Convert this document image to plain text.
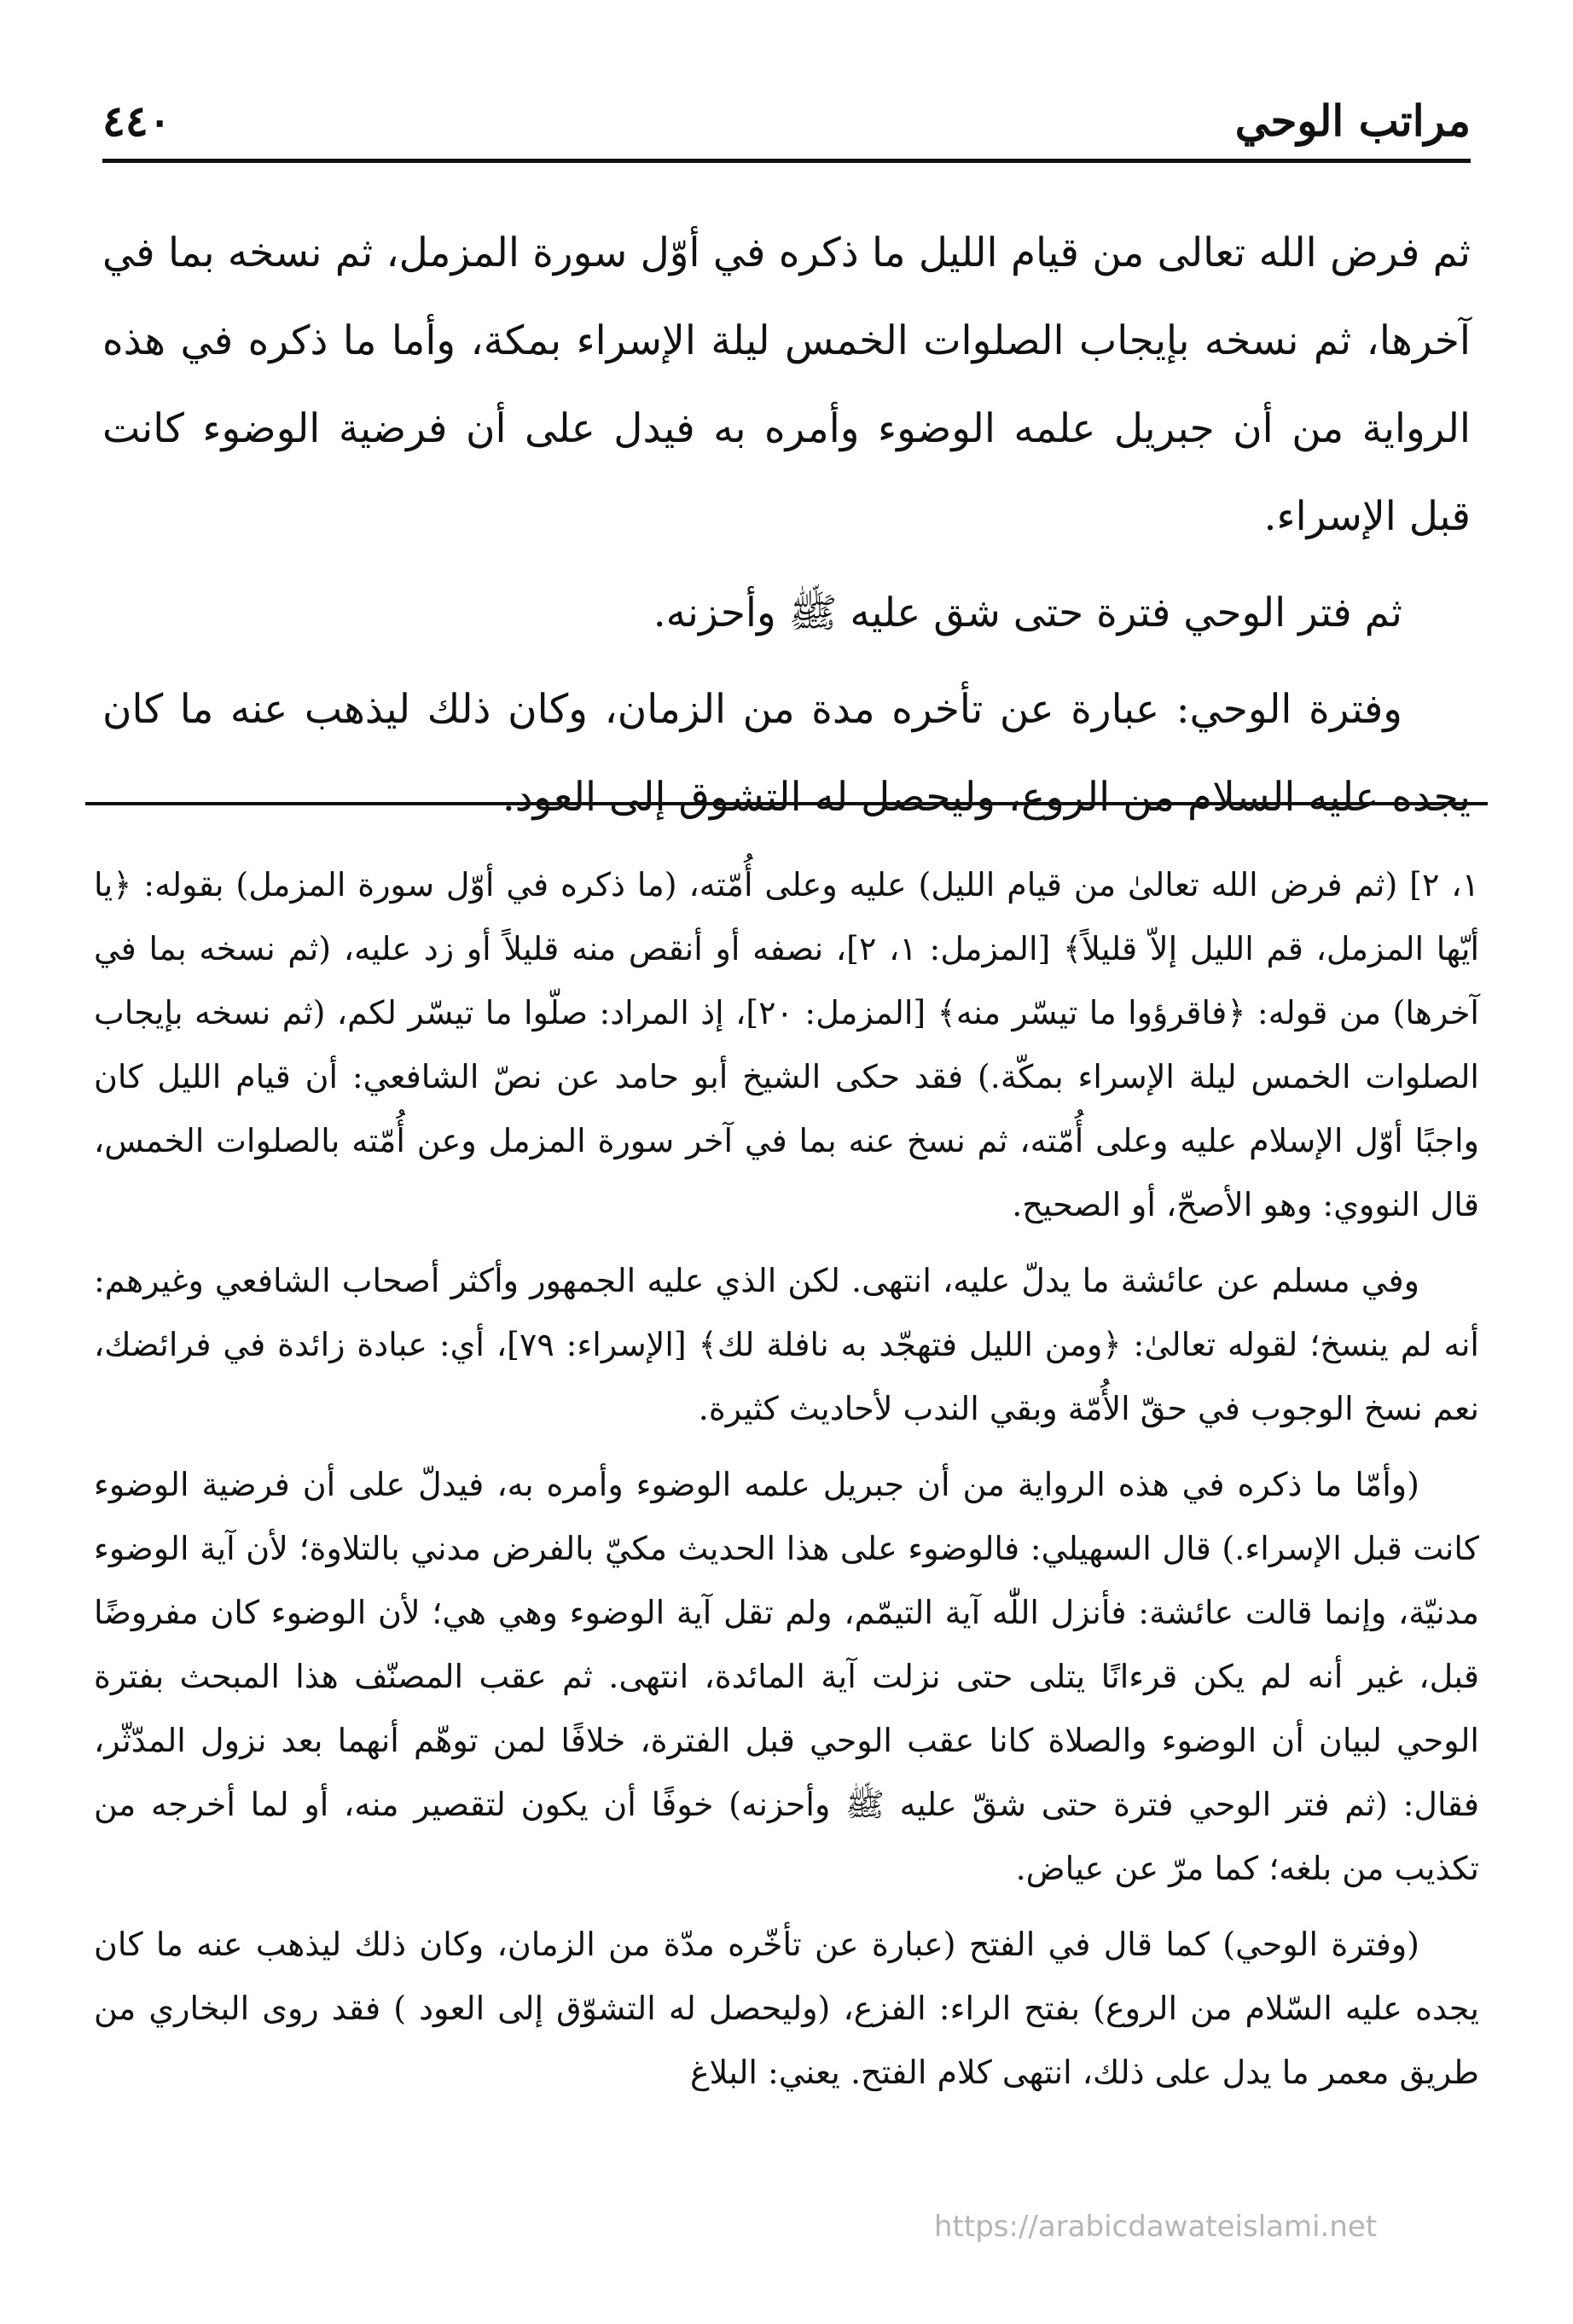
مراتب الوحي
٤٤٠

ثم فرض الله تعالى من قيام الليل ما ذكره في أوّل سورة المزمل، ثم نسخه بما في آخرها، ثم نسخه بإيجاب الصلوات الخمس ليلة الإسراء بمكة، وأما ما ذكره في هذه الرواية من أن جبريل علمه الوضوء وأمره به فيدل على أن فرضية الوضوء كانت قبل الإسراء.

ثم فتر الوحي فترة حتى شق عليه ﷺ وأحزنه.

وفترة الوحي: عبارة عن تأخره مدة من الزمان، وكان ذلك ليذهب عنه ما كان يجده عليه السلام من الروع، وليحصل له التشوق إلى العود.

١، ٢] (ثم فرض الله تعالىٰ من قيام الليل) عليه وعلى أُمّته، (ما ذكره في أوّل سورة المزمل) بقوله: ﴿يا أيّها المزمل، قم الليل إلاّ قليلاً﴾ [المزمل: ١، ٢]، نصفه أو أنقص منه قليلاً أو زد عليه، (ثم نسخه بما في آخرها) من قوله: ﴿فاقرؤوا ما تيسّر منه﴾ [المزمل: ٢٠]، إذ المراد: صلّوا ما تيسّر لكم، (ثم نسخه بإيجاب الصلوات الخمس ليلة الإسراء بمكّة.) فقد حكى الشيخ أبو حامد عن نصّ الشافعي: أن قيام الليل كان واجبًا أوّل الإسلام عليه وعلى أُمّته، ثم نسخ عنه بما في آخر سورة المزمل وعن أُمّته بالصلوات الخمس، قال النووي: وهو الأصحّ، أو الصحيح.

وفي مسلم عن عائشة ما يدلّ عليه، انتهى. لكن الذي عليه الجمهور وأكثر أصحاب الشافعي وغيرهم: أنه لم ينسخ؛ لقوله تعالىٰ: ﴿ومن الليل فتهجّد به نافلة لك﴾ [الإسراء: ٧٩]، أي: عبادة زائدة في فرائضك، نعم نسخ الوجوب في حقّ الأُمّة وبقي الندب لأحاديث كثيرة.

(وأمّا ما ذكره في هذه الرواية من أن جبريل علمه الوضوء وأمره به، فيدلّ على أن فرضية الوضوء كانت قبل الإسراء.) قال السهيلي: فالوضوء على هذا الحديث مكيّ بالفرض مدني بالتلاوة؛ لأن آية الوضوء مدنيّة، وإنما قالت عائشة: فأنزل اللّٰه آية التيمّم، ولم تقل آية الوضوء وهي هي؛ لأن الوضوء كان مفروضًا قبل، غير أنه لم يكن قرءانًا يتلى حتى نزلت آية المائدة، انتهى. ثم عقب المصنّف هذا المبحث بفترة الوحي لبيان أن الوضوء والصلاة كانا عقب الوحي قبل الفترة، خلافًا لمن توهّم أنهما بعد نزول المدّثّر، فقال: (ثم فتر الوحي فترة حتى شقّ عليه ﷺ وأحزنه) خوفًا أن يكون لتقصير منه، أو لما أخرجه من تكذيب من بلغه؛ كما مرّ عن عياض.

(وفترة الوحي) كما قال في الفتح (عبارة عن تأخّره مدّة من الزمان، وكان ذلك ليذهب عنه ما كان يجده عليه السّلام من الروع) بفتح الراء: الفزع، (وليحصل له التشوّق إلى العود ) فقد روى البخاري من طريق معمر ما يدل على ذلك، انتهى كلام الفتح. يعني: البلاغ

https://arabicdawateislami.net
